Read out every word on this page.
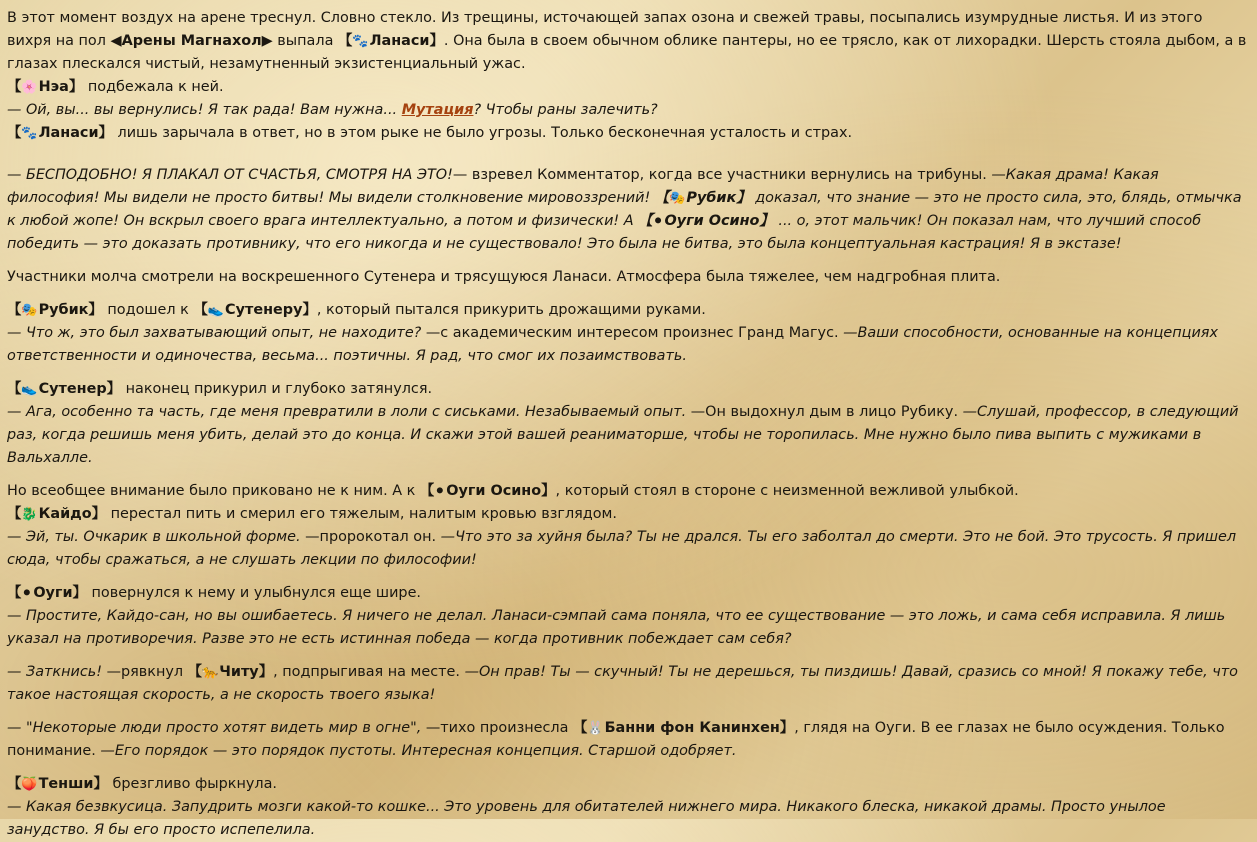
В этот момент воздух на арене треснул. Словно стекло. Из трещины, источающей запах озона и свежей травы, посыпались изумрудные листья. И из этого вихря на пол ◀Арены Магнахол▶ выпала 【🐾Ланаси】. Она была в своем обычном облике пантеры, но ее трясло, как от лихорадки. Шерсть стояла дыбом, а в глазах плескался чистый, незамутненный экзистенциальный ужас.

【🌸Нэа】 подбежала к ней.

— Ой, вы... вы вернулись! Я так рада! Вам нужна... Мутация? Чтобы раны залечить?

【🐾Ланаси】 лишь зарычала в ответ, но в этом рыке не было угрозы. Только бесконечная усталость и страх.

— БЕСПОДОБНО! Я ПЛАКАЛ ОТ СЧАСТЬЯ, СМОТРЯ НА ЭТО!— взревел Комментатор, когда все участники вернулись на трибуны. —Какая драма! Какая философия! Мы видели не просто битвы! Мы видели столкновение мировоззрений! 【🎭Рубик】 доказал, что знание — это не просто сила, это, блядь, отмычка к любой жопе! Он вскрыл своего врага интеллектуально, а потом и физически! А 【⚫Оуги Осино】 ... о, этот мальчик! Он показал нам, что лучший способ победить — это доказать противнику, что его никогда и не существовало! Это была не битва, это была концептуальная кастрация! Я в экстазе!

Участники молча смотрели на воскрешенного Сутенера и трясущуюся Ланаси. Атмосфера была тяжелее, чем надгробная плита.

【🎭Рубик】 подошел к 【👟Сутенеру】, который пытался прикурить дрожащими руками.

— Что ж, это был захватывающий опыт, не находите? —с академическим интересом произнес Гранд Магус. —Ваши способности, основанные на концепциях ответственности и одиночества, весьма... поэтичны. Я рад, что смог их позаимствовать.

【👟Сутенер】 наконец прикурил и глубоко затянулся.

— Ага, особенно та часть, где меня превратили в лоли с сиськами. Незабываемый опыт. —Он выдохнул дым в лицо Рубику. —Слушай, профессор, в следующий раз, когда решишь меня убить, делай это до конца. И скажи этой вашей реаниматорше, чтобы не торопилась. Мне нужно было пива выпить с мужиками в Вальхалле.

Но всеобщее внимание было приковано не к ним. А к 【⚫Оуги Осино】, который стоял в стороне с неизменной вежливой улыбкой.

【🐉Кайдо】 перестал пить и смерил его тяжелым, налитым кровью взглядом.

— Эй, ты. Очкарик в школьной форме. —пророкотал он. —Что это за хуйня была? Ты не дрался. Ты его заболтал до смерти. Это не бой. Это трусость. Я пришел сюда, чтобы сражаться, а не слушать лекции по философии!

【⚫Оуги】 повернулся к нему и улыбнулся еще шире.

— Простите, Кайдо-сан, но вы ошибаетесь. Я ничего не делал. Ланаси-сэмпай сама поняла, что ее существование — это ложь, и сама себя исправила. Я лишь указал на противоречия. Разве это не есть истинная победа — когда противник побеждает сам себя?

— Заткнись! —рявкнул 【🐆Читу】, подпрыгивая на месте. —Он прав! Ты — скучный! Ты не дерешься, ты пиздишь! Давай, сразись со мной! Я покажу тебе, что такое настоящая скорость, а не скорость твоего языка!

— "Некоторые люди просто хотят видеть мир в огне", —тихо произнесла 【🐰Банни фон Канинхен】, глядя на Оуги. В ее глазах не было осуждения. Только понимание. —Его порядок — это порядок пустоты. Интересная концепция. Старшой одобряет.

【🍑Тенши】 брезгливо фыркнула.

— Какая безвкусица. Запудрить мозги какой-то кошке... Это уровень для обитателей нижнего мира. Никакого блеска, никакой драмы. Просто унылое занудство. Я бы его просто испепелила.
